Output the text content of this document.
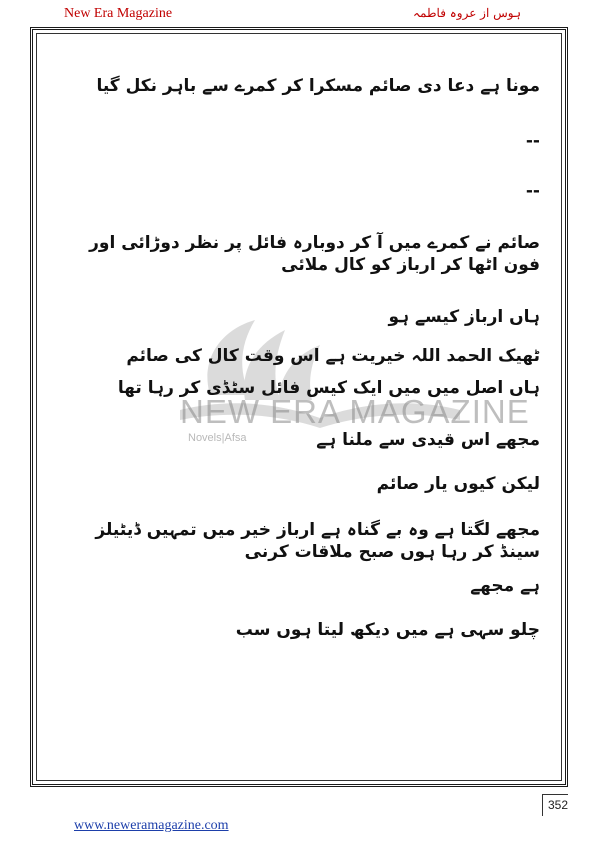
New Era Magazine	ہوس از عروہ فاطمہ
NEW ERA MAGAZINE
Novels|Afsa

مونا ہے دعا دی صائم مسکرا کر کمرے سے باہر نکل گیا

--

--

صائم نے کمرے میں آ کر دوبارہ فائل پر نظر دوڑائی اور فون اٹھا کر ارباز کو کال ملائی

ہاں ارباز کیسے ہو

ٹھیک الحمد اللہ خیریت ہے اس وقت کال کی صائم

ہاں اصل میں میں ایک کیس فائل سٹڈی کر رہا تھا

مجھے اس قیدی سے ملنا ہے

لیکن کیوں یار صائم

مجھے لگتا ہے وہ بے گناہ ہے ارباز خیر میں تمہیں ڈیٹیلز سینڈ کر رہا ہوں صبح ملاقات کرنی

ہے مجھے

چلو سہی ہے میں دیکھ لیتا ہوں سب

352
www.neweramagazine.com
